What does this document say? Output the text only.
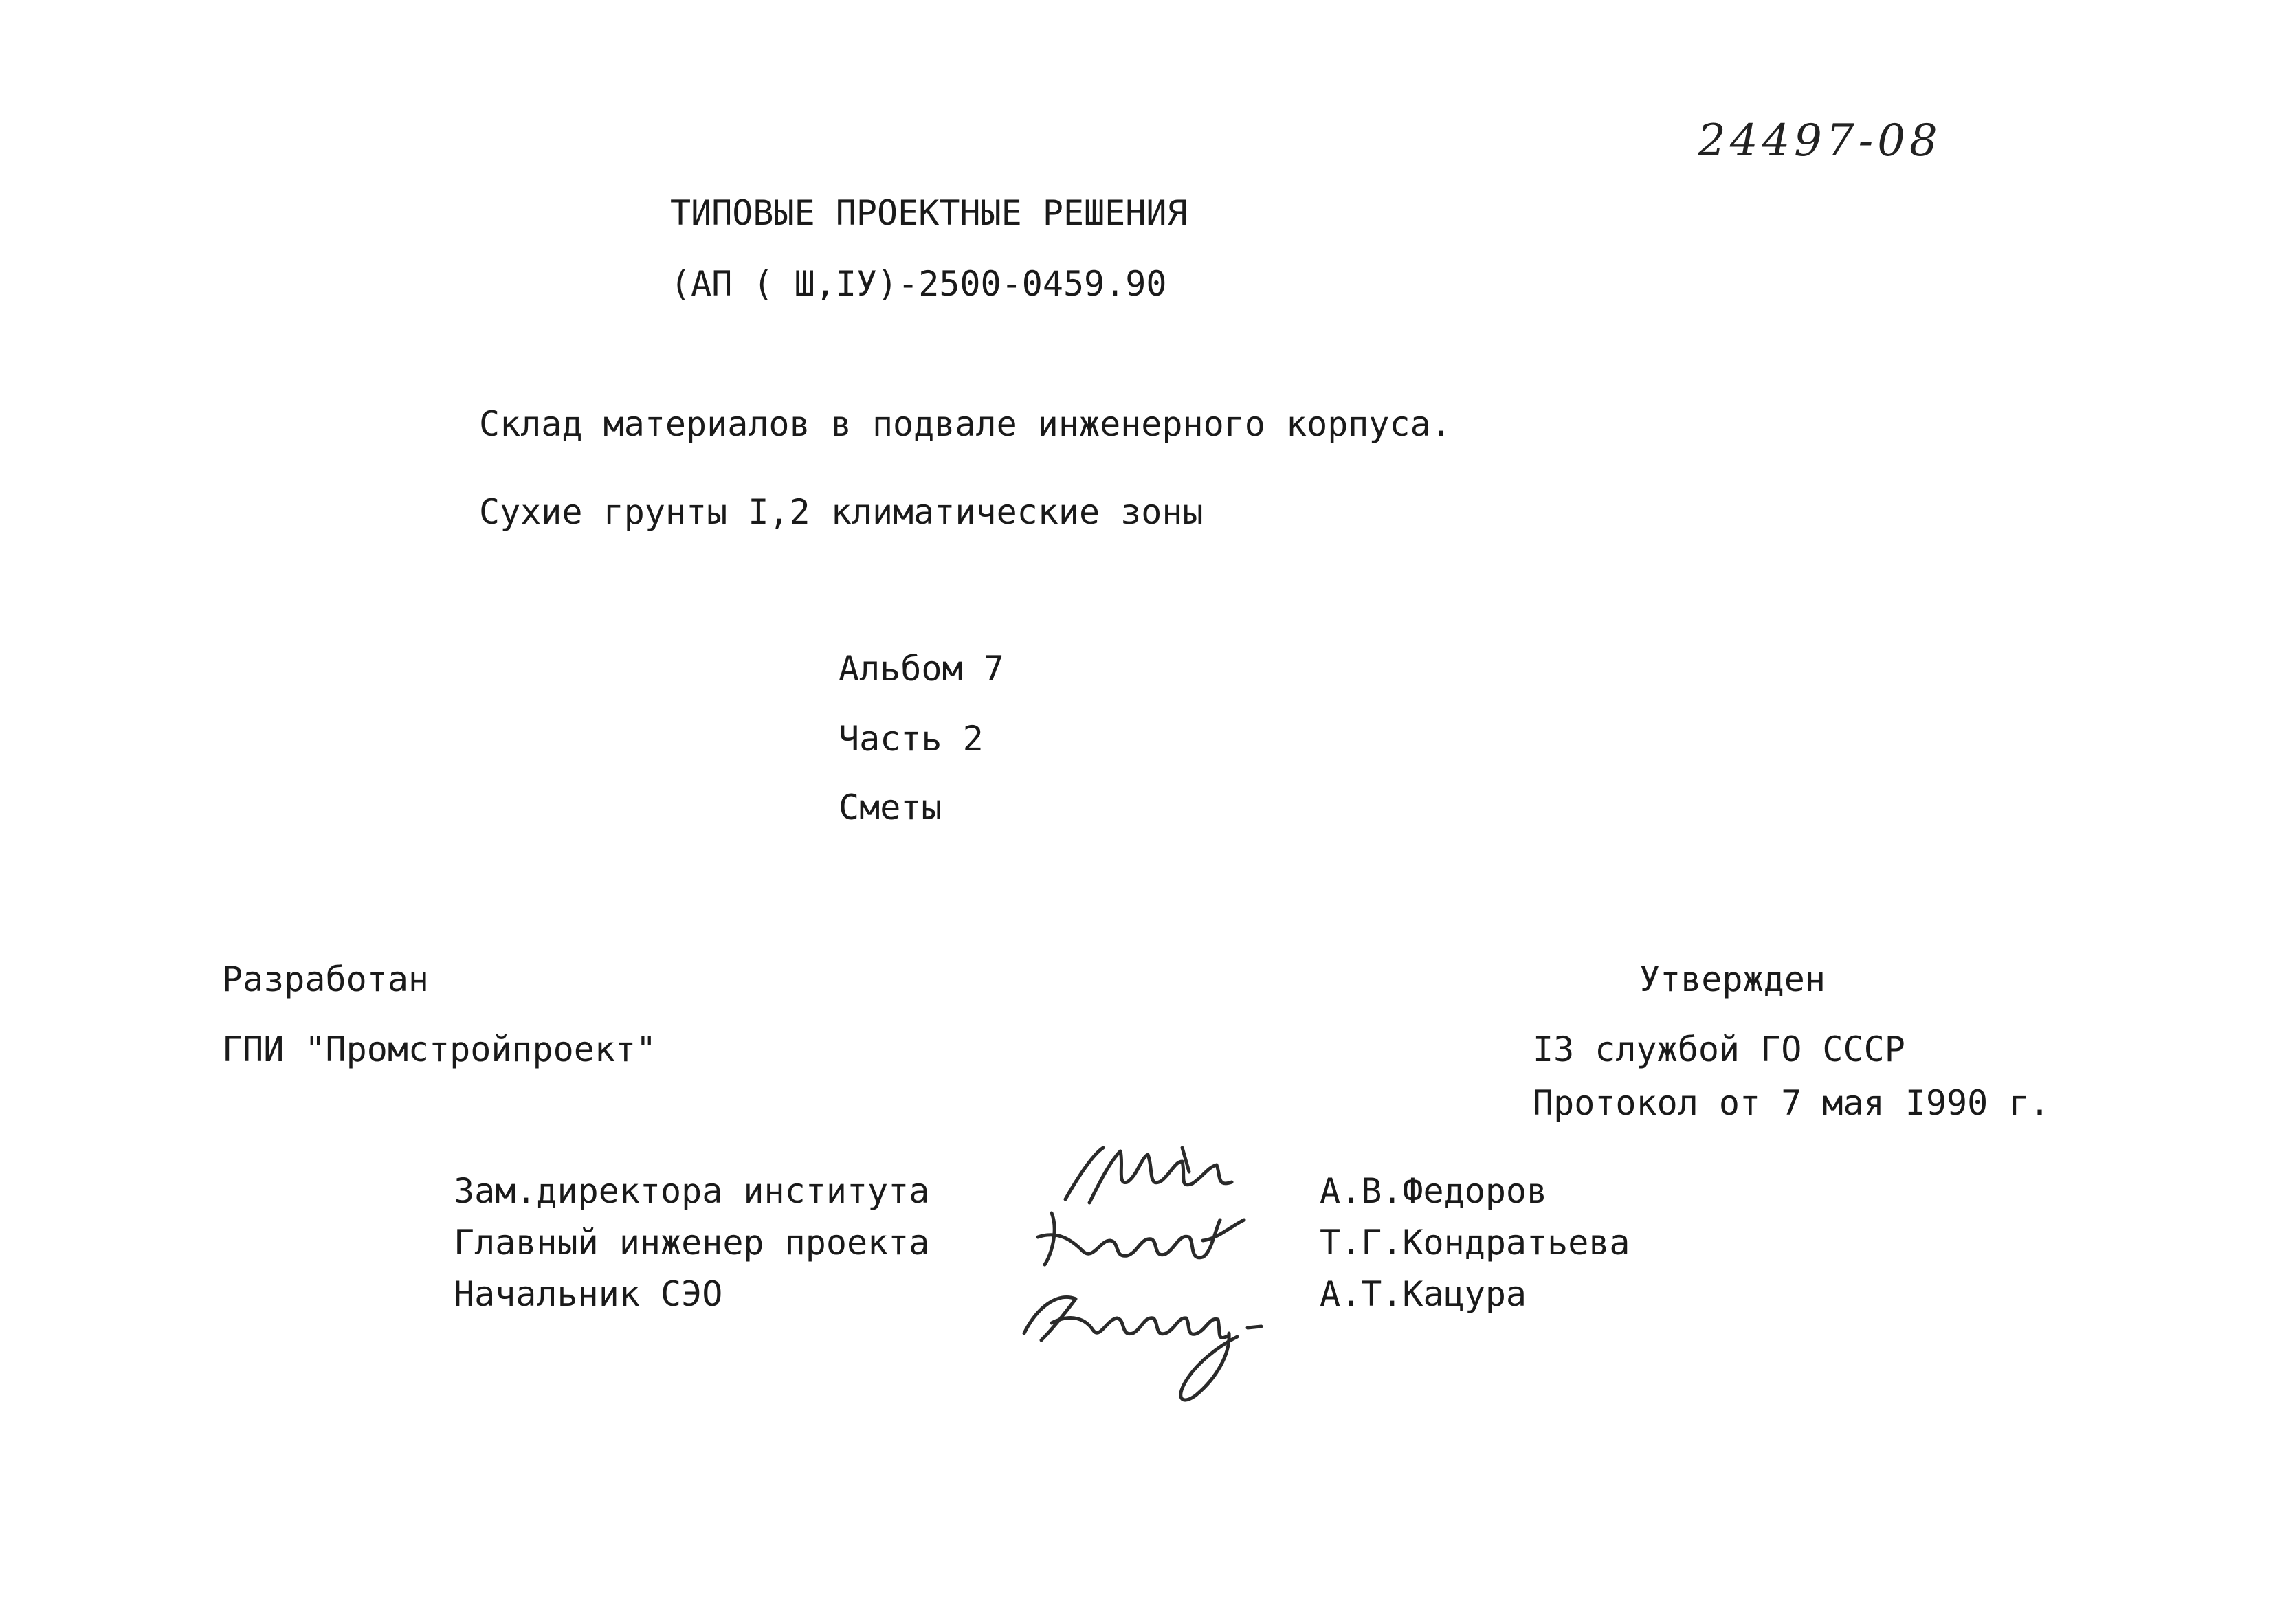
24497-08
ТИПОВЫЕ ПРОЕКТНЫЕ РЕШЕНИЯ
(АП ( Ш,IУ)-2500-0459.90
Склад материалов в подвале инженерного корпуса.
Сухие грунты I,2 климатические зоны
Альбом 7
Часть 2
Сметы
Разработан
ГПИ "Промстройпроект"
Утвержден
I3 службой ГО СССР
Протокол от 7 мая I990 г.
Зам.директора института	А.В.Федоров
Главный инженер проекта	Т.Г.Кондратьева
Начальник СЭО	А.Т.Кацура
